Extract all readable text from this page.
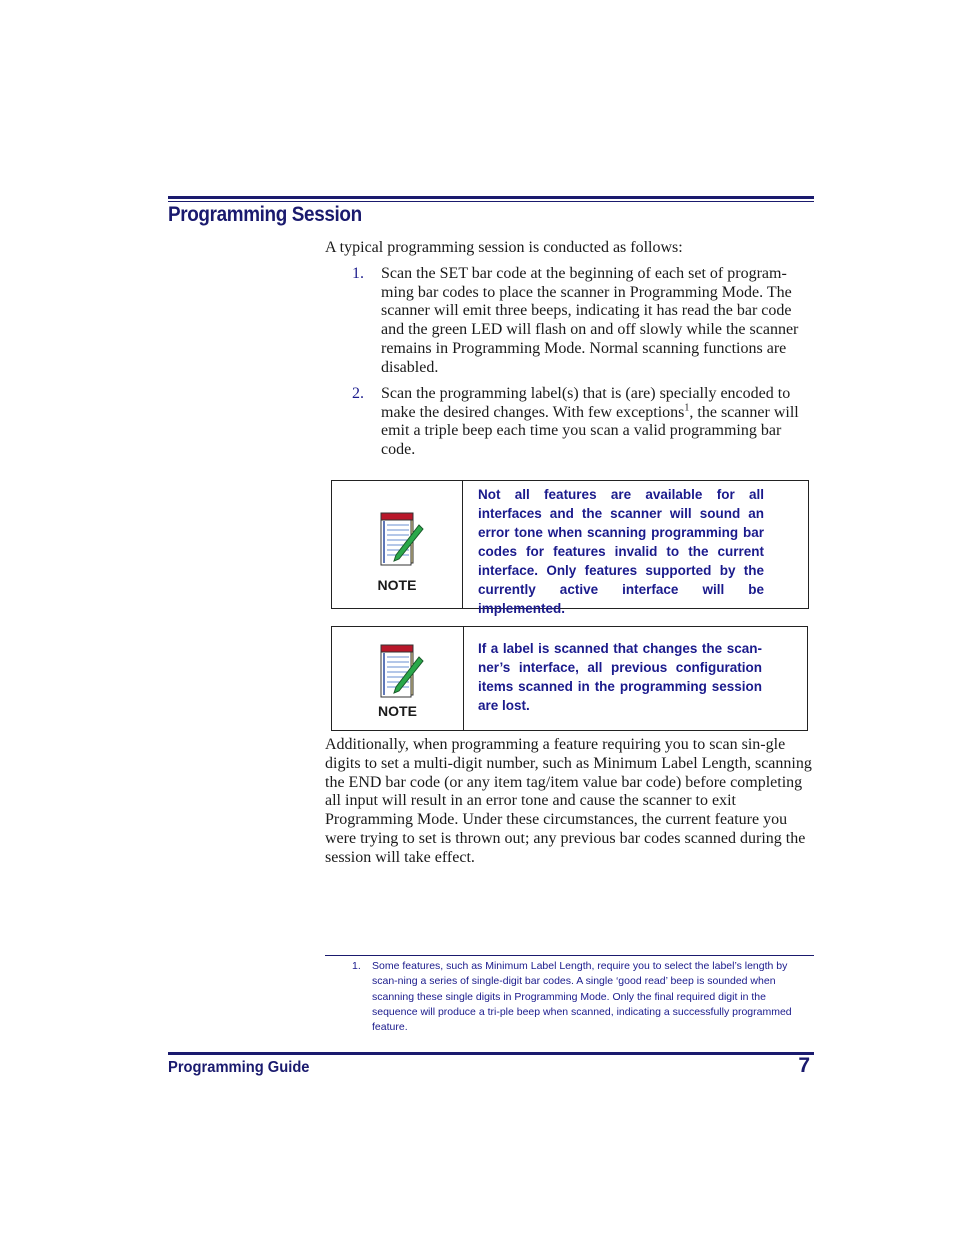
Programming Session

A typical programming session is conducted as follows:

1. Scan the SET bar code at the beginning of each set of program-ming bar codes to place the scanner in Programming Mode. The scanner will emit three beeps, indicating it has read the bar code and the green LED will flash on and off slowly while the scanner remains in Programming Mode. Normal scanning functions are disabled.
2. Scan the programming label(s) that is (are) specially encoded to make the desired changes. With few exceptions$^1$, the scanner will emit a triple beep each time you scan a valid programming bar code.
NOTE
Not all features are available for all interfaces and the scanner will sound an error tone when scanning programming bar codes for features invalid to the current interface. Only features supported by the currently active interface will be implemented.
NOTE
If a label is scanned that changes the scan-ner’s interface, all previous configuration items scanned in the programming session are lost.

Additionally, when programming a feature requiring you to scan sin-gle digits to set a multi-digit number, such as Minimum Label Length, scanning the END bar code (or any item tag/item value bar code) before completing all input will result in an error tone and cause the scanner to exit Programming Mode. Under these circumstances, the current feature you were trying to set is thrown out; any previous bar codes scanned during the session will take effect.

1. Some features, such as Minimum Label Length, require you to select the label’s length by scan-ning a series of single-digit bar codes. A single ‘good read’ beep is sounded when scanning these single digits in Programming Mode. Only the final required digit in the sequence will produce a tri-ple beep when scanned, indicating a successfully programmed feature.
Programming Guide	7
